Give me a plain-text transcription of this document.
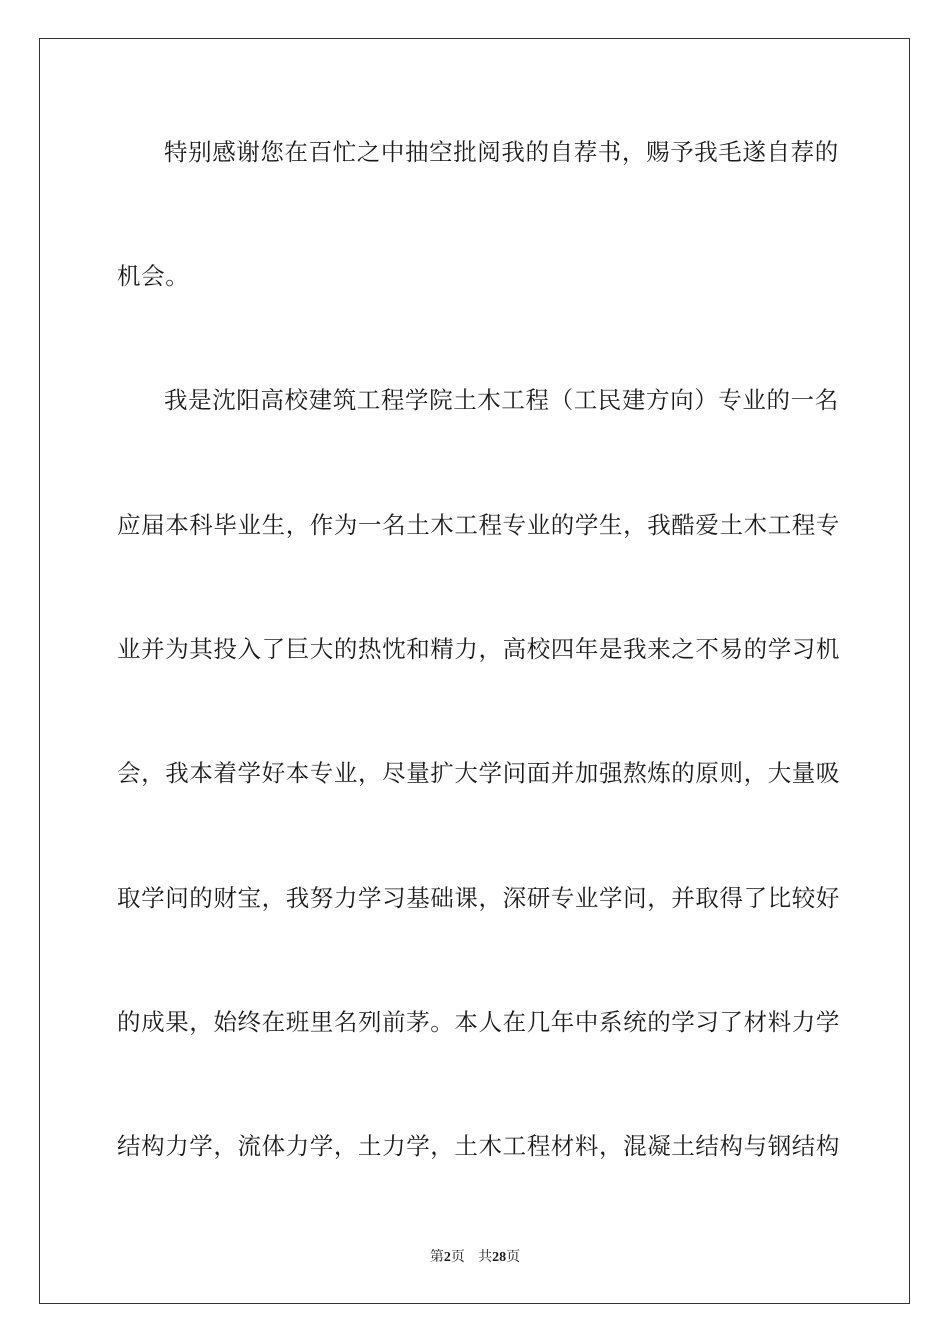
特别感谢您在百忙之中抽空批阅我的自荐书，赐予我毛遂自荐的
机会。
我是沈阳高校建筑工程学院土木工程（工民建方向）专业的一名
应届本科毕业生，作为一名土木工程专业的学生，我酷爱土木工程专
业并为其投入了巨大的热忱和精力，高校四年是我来之不易的学习机
会，我本着学好本专业，尽量扩大学问面并加强熬炼的原则，大量吸
取学问的财宝，我努力学习基础课，深研专业学问，并取得了比较好
的成果，始终在班里名列前茅。本人在几年中系统的学习了材料力学
结构力学，流体力学，土力学，土木工程材料，混凝土结构与钢结构
第2页 共28页
